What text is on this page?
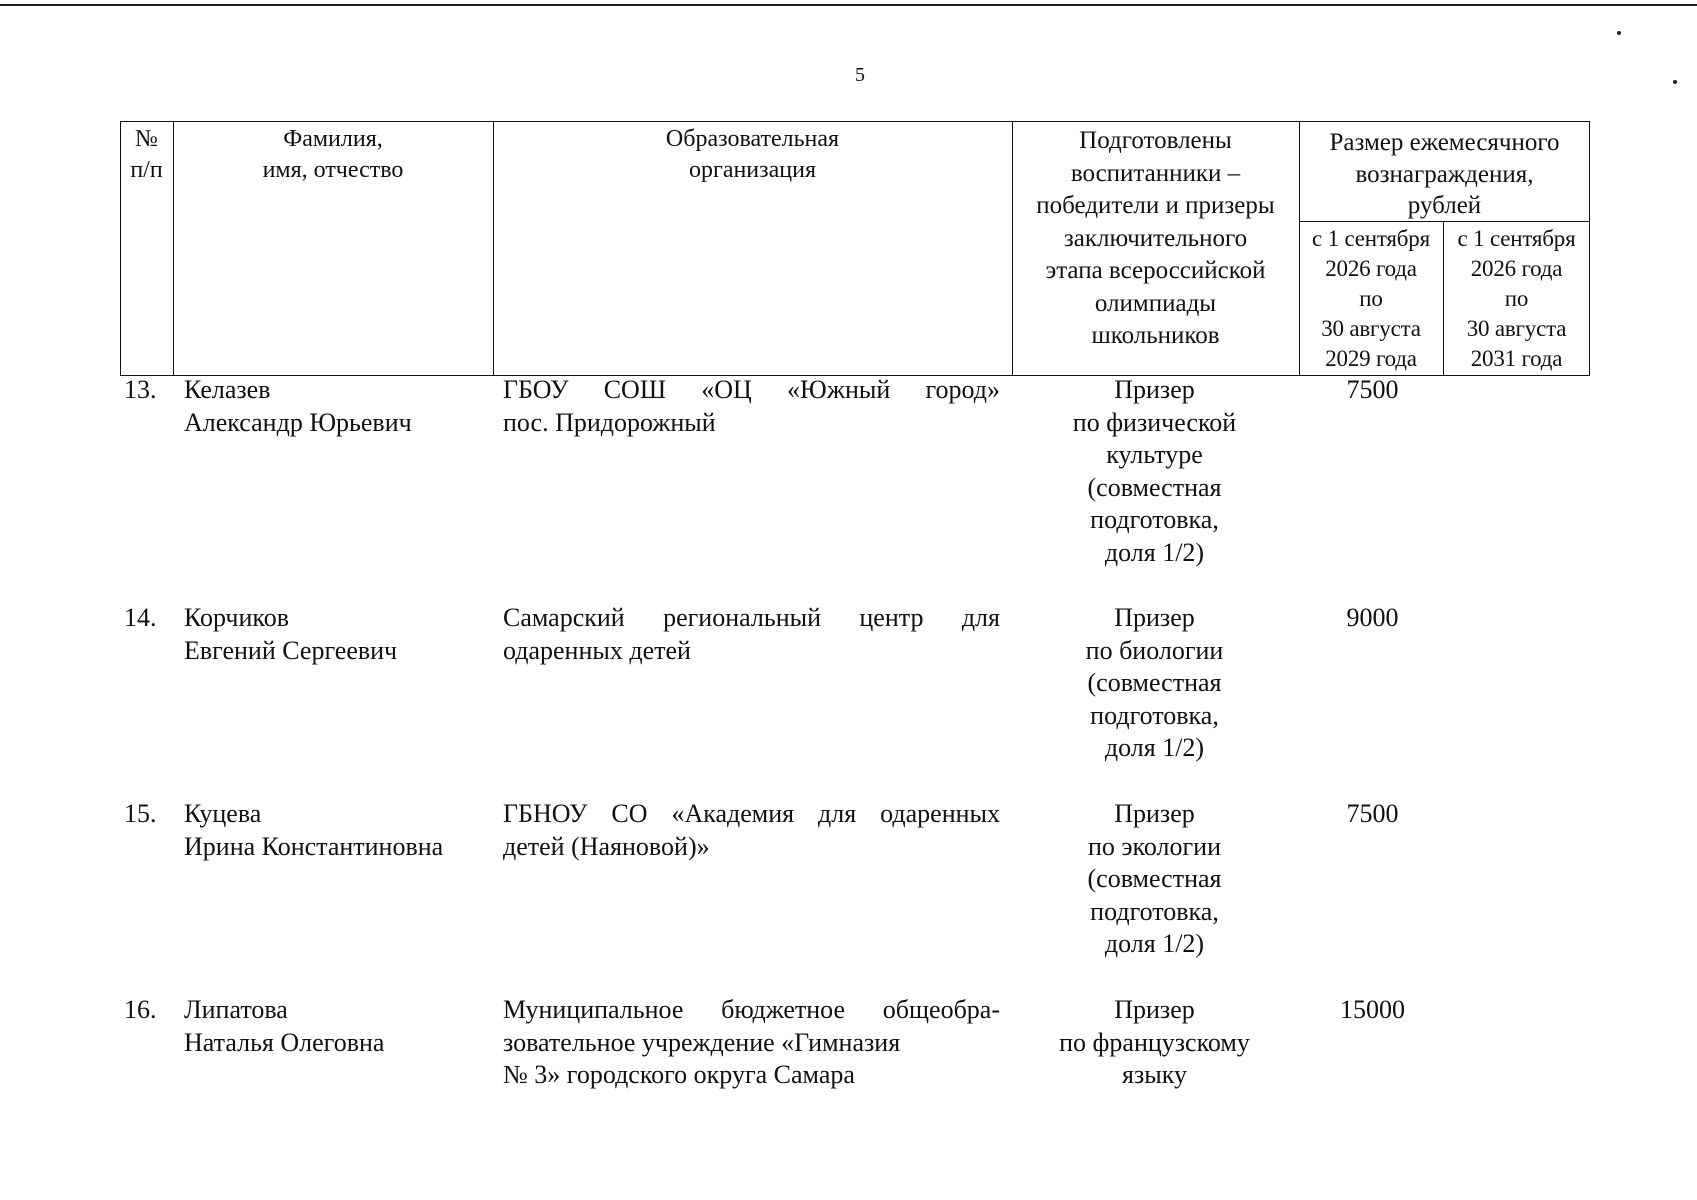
5
№
п/п
Фамилия,
имя, отчество
Образовательная
организация
Подготовлены
воспитанники –
победители и призеры
заключительного
этапа всероссийской
олимпиады
школьников
Размер ежемесячного
вознаграждения,
рублей
с 1 сентября
2026 года
по
30 августа
2029 года
с 1 сентября
2026 года
по
30 августа
2031 года
13. Келазев
Александр Юрьевич
ГБОУ СОШ «ОЦ «Южный город»
пос. Придорожный
Призер
по физической
культуре
(совместная
подготовка,
доля 1/2)
7500
14. Корчиков
Евгений Сергеевич
Самарский региональный центр для
одаренных детей
Призер
по биологии
(совместная
подготовка,
доля 1/2)
9000
15. Куцева
Ирина Константиновна
ГБНОУ СО «Академия для одаренных
детей (Наяновой)»
Призер
по экологии
(совместная
подготовка,
доля 1/2)
7500
16. Липатова
Наталья Олеговна
Муниципальное бюджетное общеобра-
зовательное учреждение «Гимназия
№ 3» городского округа Самара
Призер
по французскому
языку
15000
